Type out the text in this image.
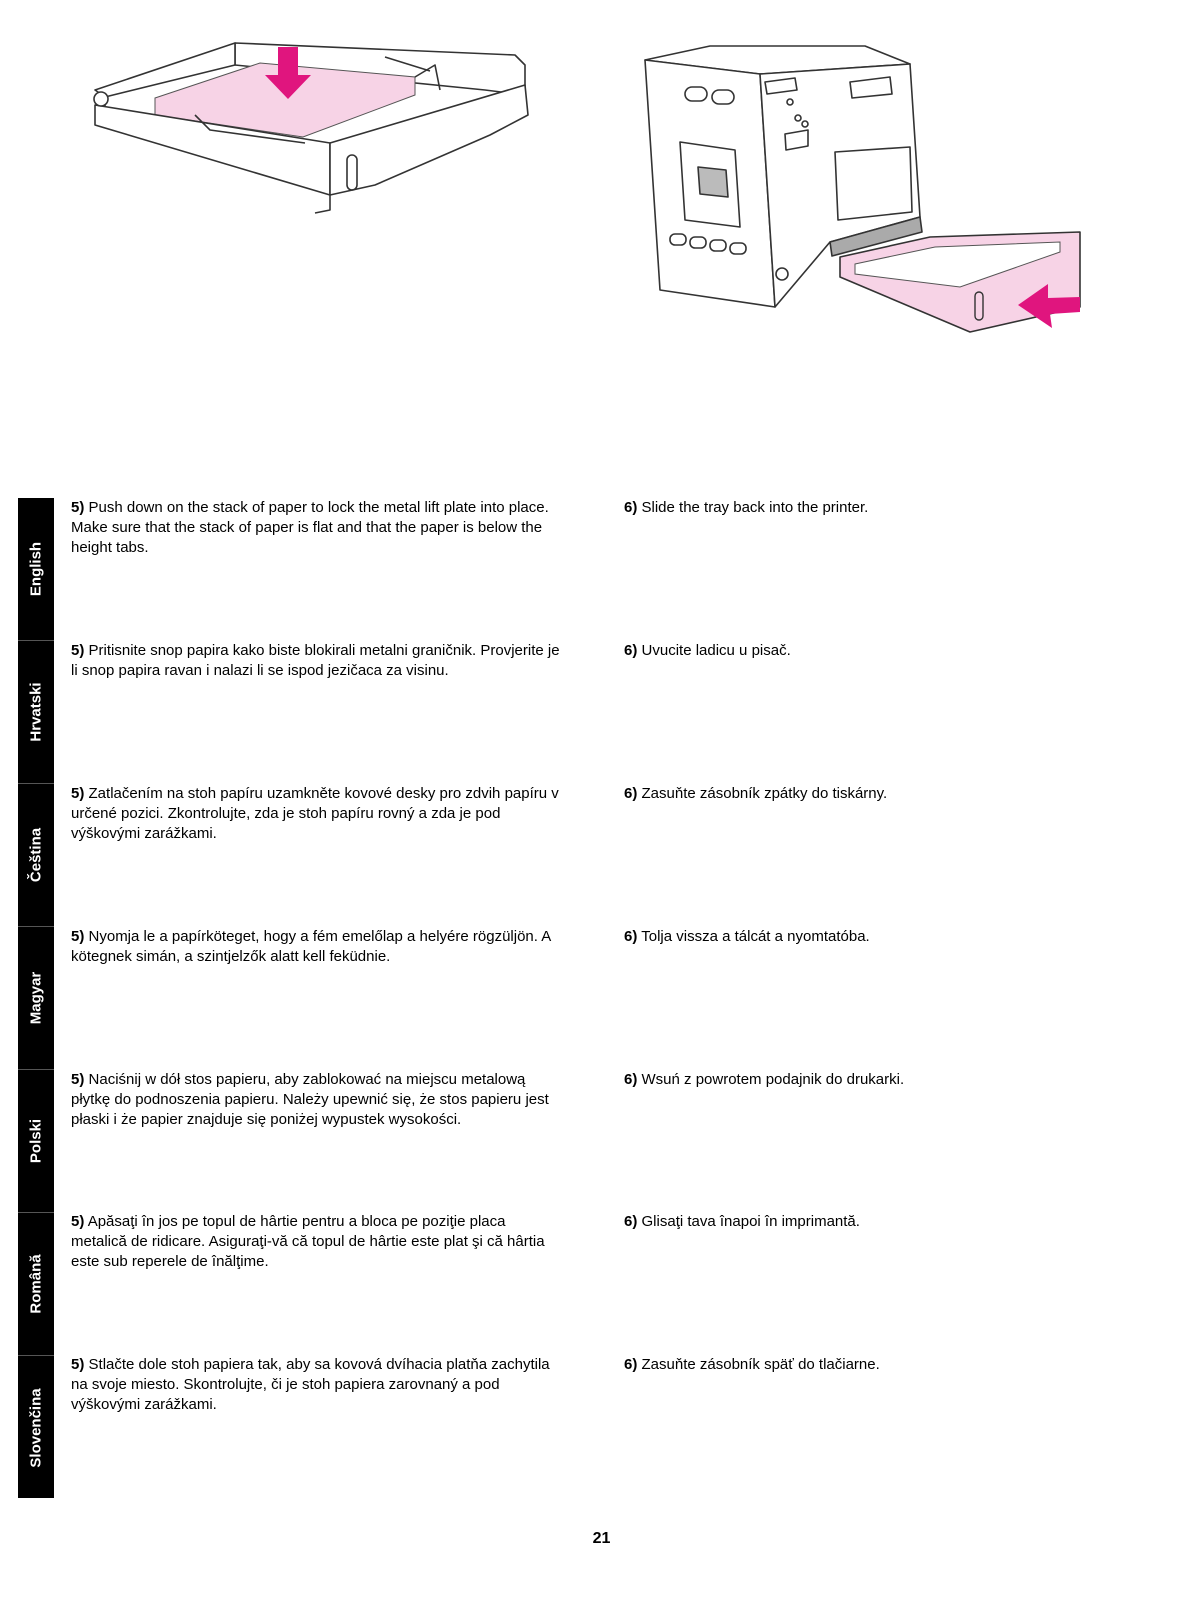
English
Hrvatski
Čeština
Magyar
Polski
Română
Slovenčina
5) Push down on the stack of paper to lock the metal lift plate into place. Make sure that the stack of paper is flat and that the paper is below the height tabs.
6) Slide the tray back into the printer.
5) Pritisnite snop papira kako biste blokirali metalni graničnik. Provjerite je li snop papira ravan i nalazi li se ispod jezičaca za visinu.
6) Uvucite ladicu u pisač.
5) Zatlačením na stoh papíru uzamkněte kovové desky pro zdvih papíru v určené pozici. Zkontrolujte, zda je stoh papíru rovný a zda je pod výškovými zarážkami.
6) Zasuňte zásobník zpátky do tiskárny.
5) Nyomja le a papírköteget, hogy a fém emelőlap a helyére rögzüljön. A kötegnek simán, a szintjelzők alatt kell feküdnie.
6) Tolja vissza a tálcát a nyomtatóba.
5) Naciśnij w dół stos papieru, aby zablokować na miejscu metalową płytkę do podnoszenia papieru. Należy upewnić się, że stos papieru jest płaski i że papier znajduje się poniżej wypustek wysokości.
6) Wsuń z powrotem podajnik do drukarki.
5) Apăsaţi în jos pe topul de hârtie pentru a bloca pe poziţie placa metalică de ridicare. Asiguraţi-vă că topul de hârtie este plat şi că hârtia este sub reperele de înălţime.
6) Glisaţi tava înapoi în imprimantă.
5) Stlačte dole stoh papiera tak, aby sa kovová dvíhacia platňa zachytila na svoje miesto. Skontrolujte, či je stoh papiera zarovnaný a pod výškovými zarážkami.
6) Zasuňte zásobník späť do tlačiarne.
21
